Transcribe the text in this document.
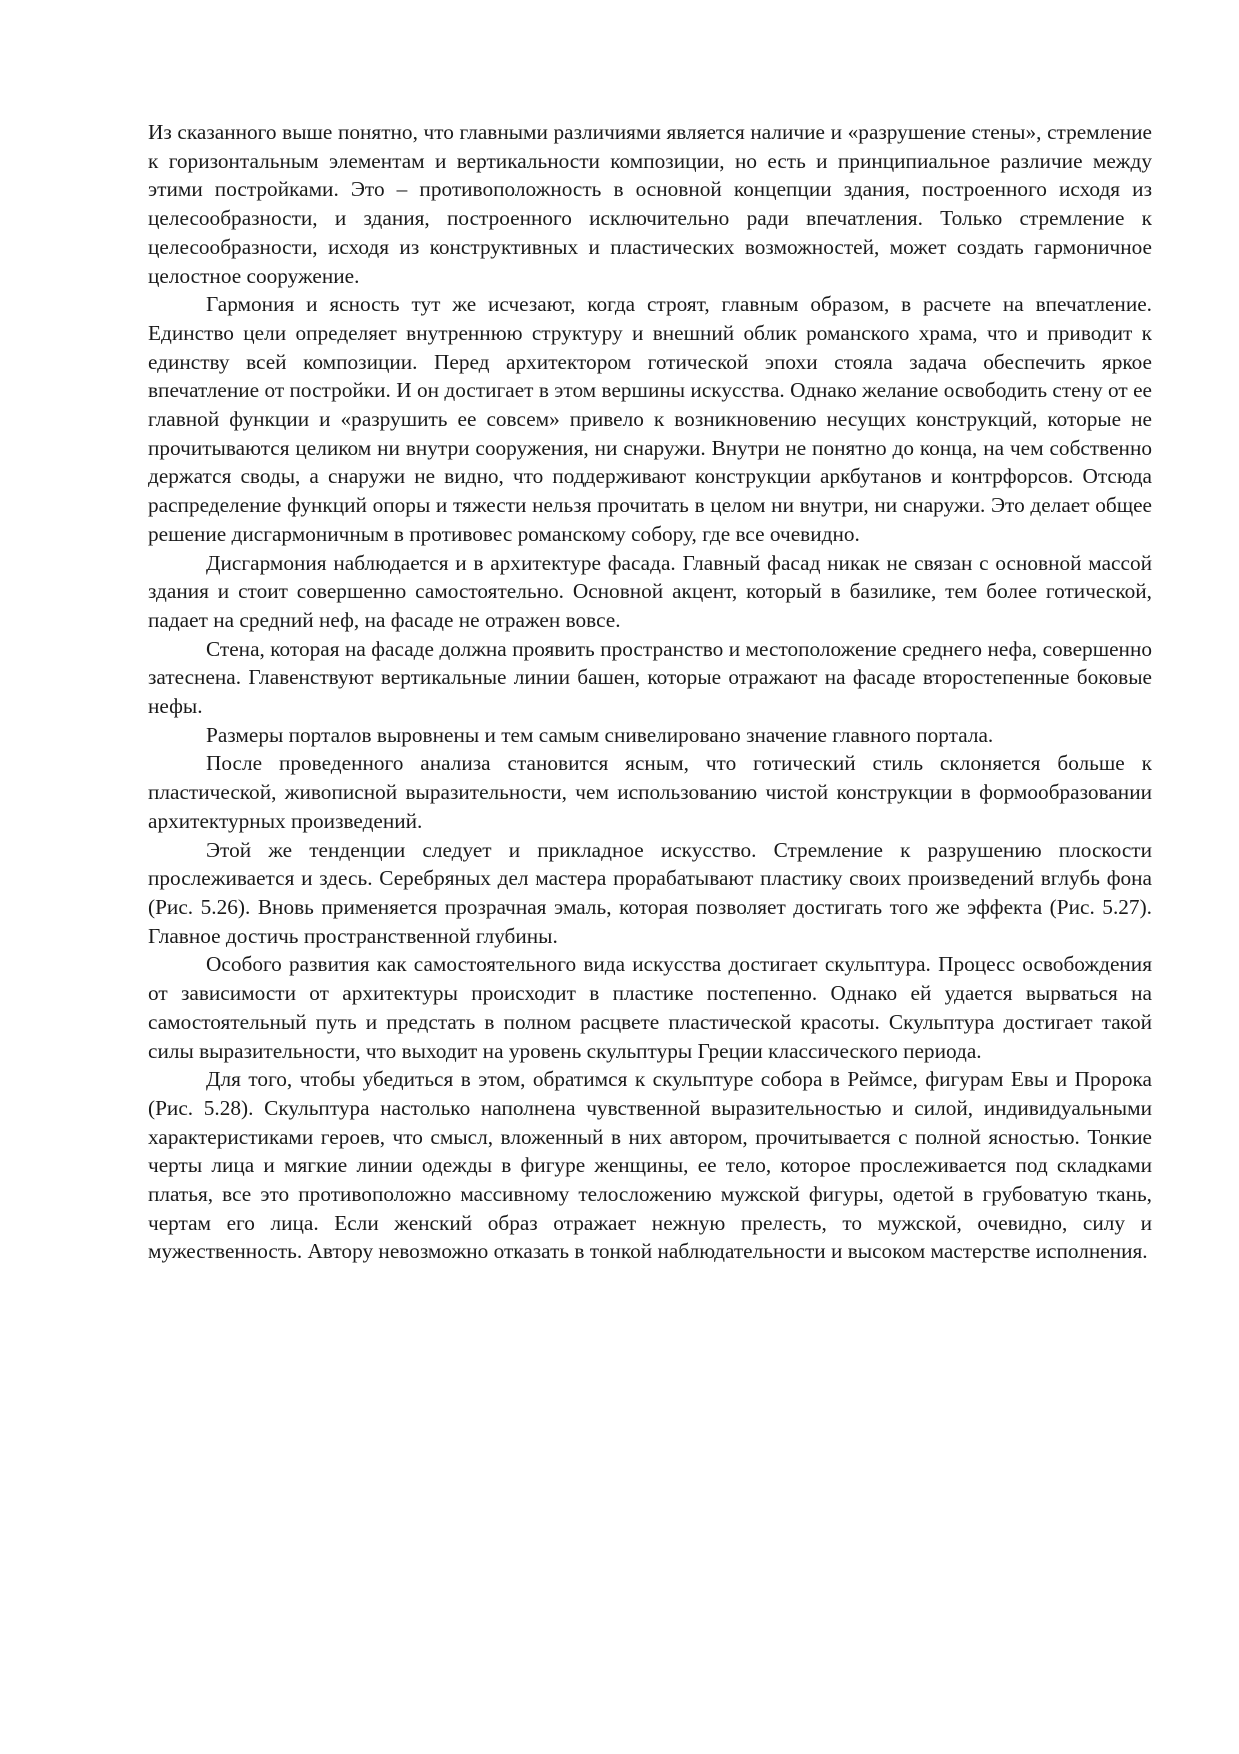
Из сказанного выше понятно, что главными различиями является наличие и «разрушение стены», стремление к горизонтальным элементам и вертикальности композиции, но есть и принципиальное различие между этими постройками. Это – противоположность в основной концепции здания, построенного исходя из целесообразности, и здания, построенного исключительно ради впечатления. Только стремление к целесообразности, исходя из конструктивных и пластических возможностей, может создать гармоничное целостное сооружение.

Гармония и ясность тут же исчезают, когда строят, главным образом, в расчете на впечатление. Единство цели определяет внутреннюю структуру и внешний облик романского храма, что и приводит к единству всей композиции. Перед архитектором готической эпохи стояла задача обеспечить яркое впечатление от постройки. И он достигает в этом вершины искусства. Однако желание освободить стену от ее главной функции и «разрушить ее совсем» привело к возникновению несущих конструкций, которые не прочитываются целиком ни внутри сооружения, ни снаружи. Внутри не понятно до конца, на чем собственно держатся своды, а снаружи не видно, что поддерживают конструкции аркбутанов и контрфорсов. Отсюда распределение функций опоры и тяжести нельзя прочитать в целом ни внутри, ни снаружи. Это делает общее решение дисгармоничным в противовес романскому собору, где все очевидно.

Дисгармония наблюдается и в архитектуре фасада. Главный фасад никак не связан с основной массой здания и стоит совершенно самостоятельно. Основной акцент, который в базилике, тем более готической, падает на средний неф, на фасаде не отражен вовсе.

Стена, которая на фасаде должна проявить пространство и местоположение среднего нефа, совершенно затеснена. Главенствуют вертикальные линии башен, которые отражают на фасаде второстепенные боковые нефы.

Размеры порталов выровнены и тем самым снивелировано значение главного портала.

После проведенного анализа становится ясным, что готический стиль склоняется больше к пластической, живописной выразительности, чем использованию чистой конструкции в формообразовании архитектурных произведений.

Этой же тенденции следует и прикладное искусство. Стремление к разрушению плоскости прослеживается и здесь. Серебряных дел мастера прорабатывают пластику своих произведений вглубь фона (Рис. 5.26). Вновь применяется прозрачная эмаль, которая позволяет достигать того же эффекта (Рис. 5.27). Главное достичь пространственной глубины.

Особого развития как самостоятельного вида искусства достигает скульптура. Процесс освобождения от зависимости от архитектуры происходит в пластике постепенно. Однако ей удается вырваться на самостоятельный путь и предстать в полном расцвете пластической красоты. Скульптура достигает такой силы выразительности, что выходит на уровень скульптуры Греции классического периода.

Для того, чтобы убедиться в этом, обратимся к скульптуре собора в Реймсе, фигурам Евы и Пророка (Рис. 5.28). Скульптура настолько наполнена чувственной выразительностью и силой, индивидуальными характеристиками героев, что смысл, вложенный в них автором, прочитывается с полной ясностью. Тонкие черты лица и мягкие линии одежды в фигуре женщины, ее тело, которое прослеживается под складками платья, все это противоположно массивному телосложению мужской фигуры, одетой в грубоватую ткань, чертам его лица. Если женский образ отражает нежную прелесть, то мужской, очевидно, силу и мужественность. Автору невозможно отказать в тонкой наблюдательности и высоком мастерстве исполнения.
